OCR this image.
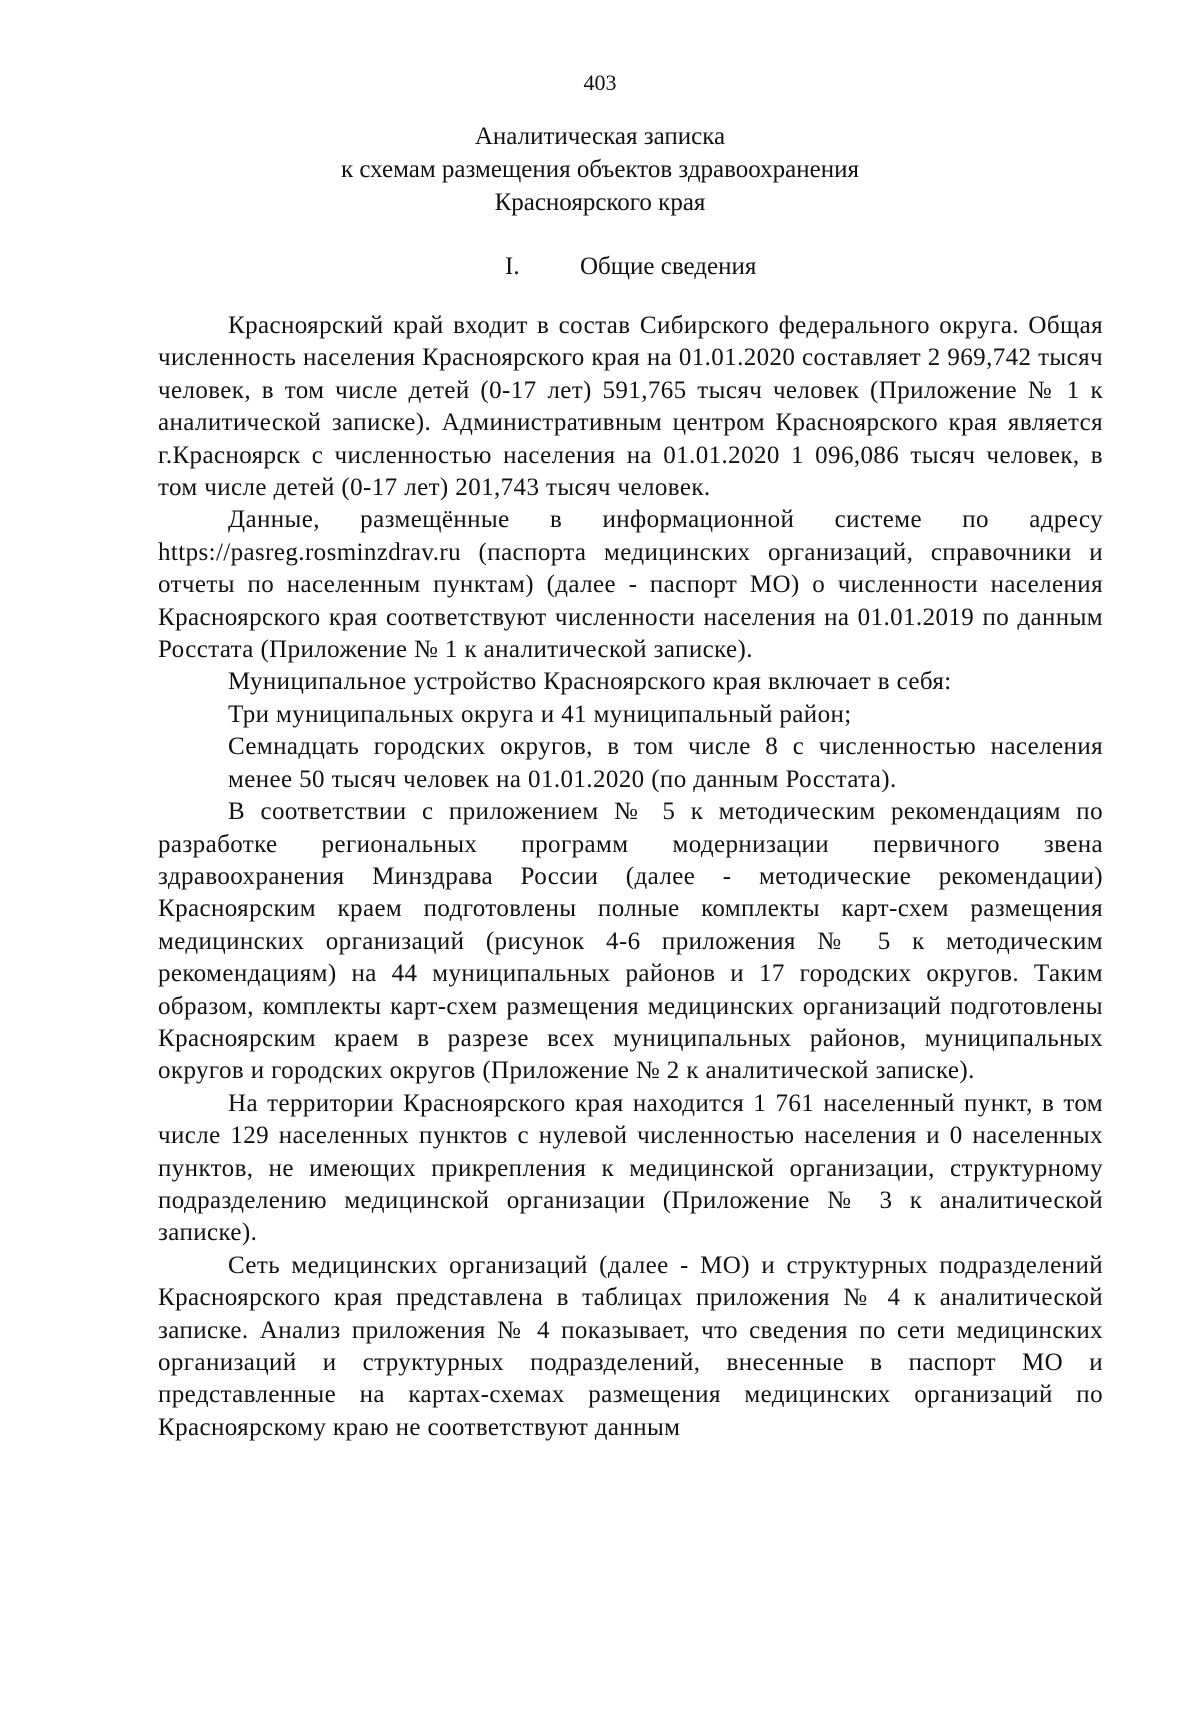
403
Аналитическая записка
к схемам размещения объектов здравоохранения
Красноярского края
I. Общие сведения

Красноярский край входит в состав Сибирского федерального округа. Общая численность населения Красноярского края на 01.01.2020 составляет 2 969,742 тысяч человек, в том числе детей (0-17 лет) 591,765 тысяч человек (Приложение № 1 к аналитической записке). Административным центром Красноярского края является г.Красноярск с численностью населения на 01.01.2020 1 096,086 тысяч человек, в том числе детей (0-17 лет) 201,743 тысяч человек.

Данные, размещённые в информационной системе по адресу https://pasreg.rosminzdrav.ru (паспорта медицинских организаций, справочники и отчеты по населенным пунктам) (далее - паспорт МО) о численности населения Красноярского края соответствуют численности населения на 01.01.2019 по данным Росстата (Приложение № 1 к аналитической записке).

Муниципальное устройство Красноярского края включает в себя:

Три муниципальных округа и 41 муниципальный район;

Семнадцать городских округов, в том числе 8 с численностью населения менее 50 тысяч человек на 01.01.2020 (по данным Росстата).

В соответствии с приложением № 5 к методическим рекомендациям по разработке региональных программ модернизации первичного звена здравоохранения Минздрава России (далее - методические рекомендации) Красноярским краем подготовлены полные комплекты карт-схем размещения медицинских организаций (рисунок 4-6 приложения № 5 к методическим рекомендациям) на 44 муниципальных районов и 17 городских округов. Таким образом, комплекты карт-схем размещения медицинских организаций подготовлены Красноярским краем в разрезе всех муниципальных районов, муниципальных округов и городских округов (Приложение № 2 к аналитической записке).

На территории Красноярского края находится 1 761 населенный пункт, в том числе 129 населенных пунктов с нулевой численностью населения и 0 населенных пунктов, не имеющих прикрепления к медицинской организации, структурному подразделению медицинской организации (Приложение № 3 к аналитической записке).

Сеть медицинских организаций (далее - МО) и структурных подразделений Красноярского края представлена в таблицах приложения № 4 к аналитической записке. Анализ приложения № 4 показывает, что сведения по сети медицинских организаций и структурных подразделений, внесенные в паспорт МО и представленные на картах-схемах размещения медицинских организаций по Красноярскому краю не соответствуют данным
